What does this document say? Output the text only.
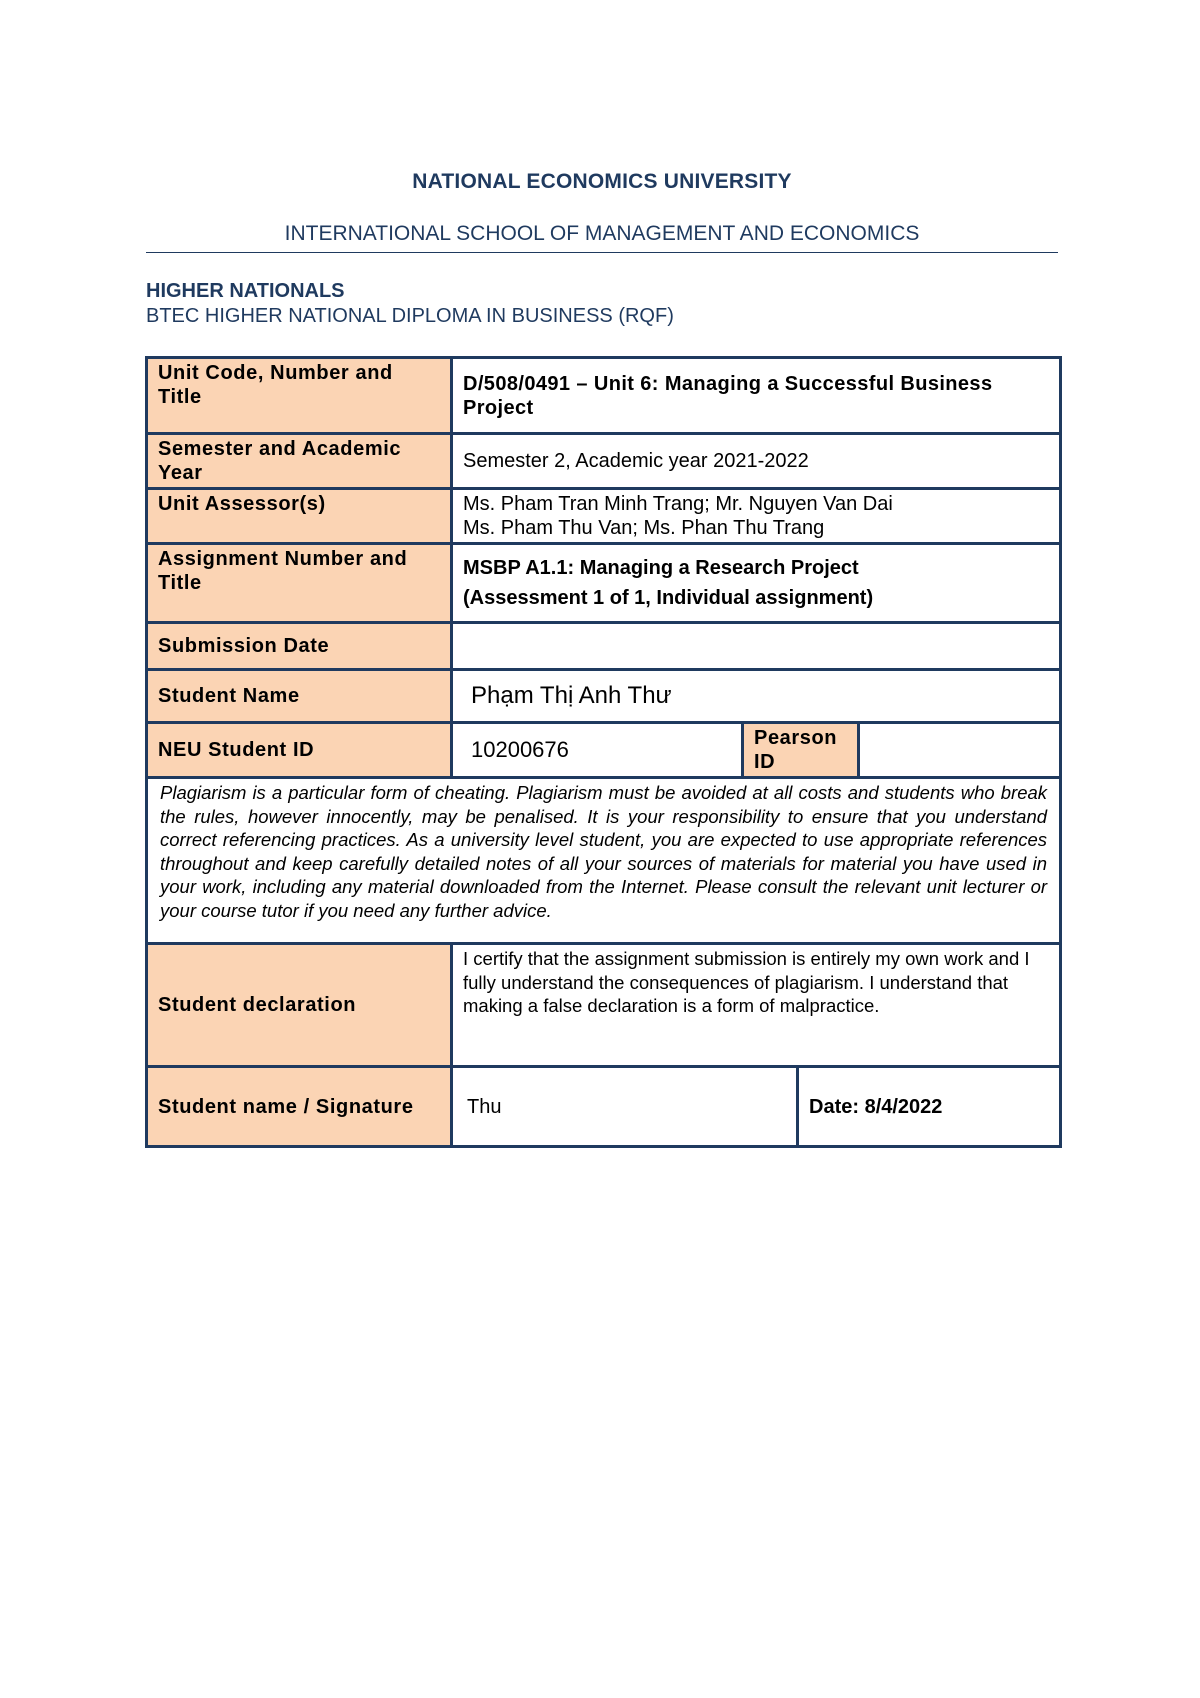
NATIONAL ECONOMICS UNIVERSITY
INTERNATIONAL SCHOOL OF MANAGEMENT AND ECONOMICS
HIGHER NATIONALS
BTEC HIGHER NATIONAL DIPLOMA IN BUSINESS (RQF)
Unit Code, Number and Title	D/508/0491 – Unit 6: Managing a Successful Business Project			
Semester and Academic Year	Semester 2, Academic year 2021-2022			
Unit Assessor(s)	Ms. Pham Tran Minh Trang; Mr. Nguyen Van Dai
Ms. Pham Thu Van; Ms. Phan Thu Trang			

Assignment Number and Title	MSBP A1.1: Managing a Research Project
(Assessment 1 of 1, Individual assignment)			

Submission Date				
Student Name	Phạm Thị Anh Thư			
NEU Student ID	10200676	Pearson ID		
Plagiarism is a particular form of cheating. Plagiarism must be avoided at all costs and students who break the rules, however innocently, may be penalised. It is your responsibility to ensure that you understand correct referencing practices. As a university level student, you are expected to use appropriate references throughout and keep carefully detailed notes of all your sources of materials for material you have used in your work, including any material downloaded from the Internet. Please consult the relevant unit lecturer or your course tutor if you need any further advice.				
Student declaration	I certify that the assignment submission is entirely my own work and I fully understand the consequences of plagiarism. I understand that making a false declaration is a form of malpractice.			
Student name / Signature	Thu		Date: 8/4/2022	
